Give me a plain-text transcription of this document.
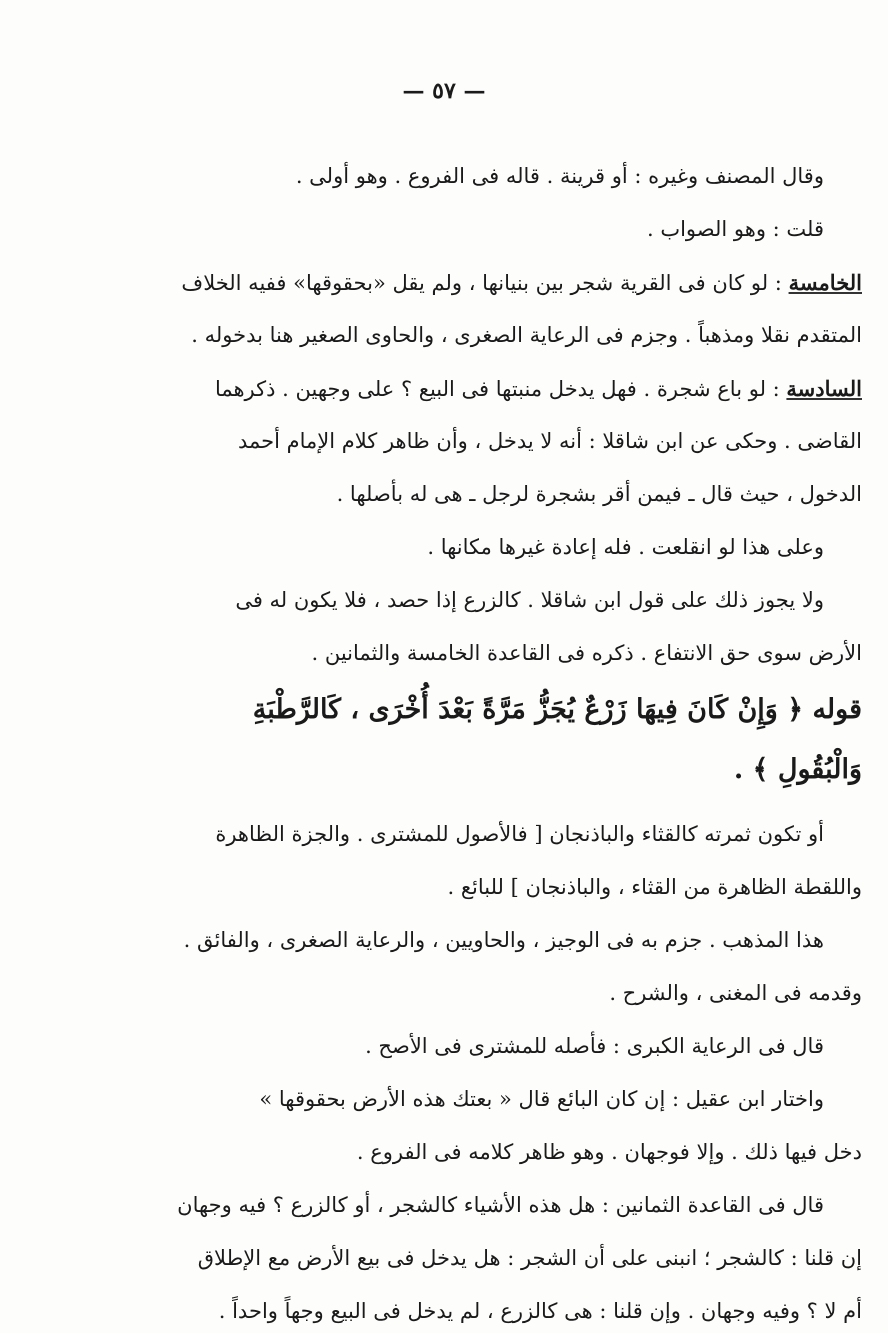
— ٥٧ —
وقال المصنف وغيره : أو قرينة . قاله فى الفروع . وهو أولى .
قلت : وهو الصواب .
الخامسة : لو كان فى القرية شجر بين بنيانها ، ولم يقل «بحقوقها» ففيه الخلاف
المتقدم نقلا ومذهباً . وجزم فى الرعاية الصغرى ، والحاوى الصغير هنا بدخوله .
السادسة : لو باع شجرة . فهل يدخل منبتها فى البيع ؟ على وجهين . ذكرهما
القاضى . وحكى عن ابن شاقلا : أنه لا يدخل ، وأن ظاهر كلام الإمام أحمد
الدخول ، حيث قال ـ فيمن أقر بشجرة لرجل ـ هى له بأصلها .
وعلى هذا لو انقلعت . فله إعادة غيرها مكانها .
ولا يجوز ذلك على قول ابن شاقلا . كالزرع إذا حصد ، فلا يكون له فى
الأرض سوى حق الانتفاع . ذكره فى القاعدة الخامسة والثمانين .
قوله ﴿ وَإِنْ كَانَ فِيهَا زَرْعٌ يُجَزُّ مَرَّةً بَعْدَ أُخْرَى ، كَالرَّطْبَةِ
وَالْبُقُولِ ﴾ .
أو تكون ثمرته كالقثاء والباذنجان [ فالأصول للمشترى . والجزة الظاهرة
واللقطة الظاهرة من القثاء ، والباذنجان ] للبائع .
هذا المذهب . جزم به فى الوجيز ، والحاويين ، والرعاية الصغرى ، والفائق .
وقدمه فى المغنى ، والشرح .
قال فى الرعاية الكبرى : فأصله للمشترى فى الأصح .
واختار ابن عقيل : إن كان البائع قال « بعتك هذه الأرض بحقوقها »
دخل فيها ذلك . وإلا فوجهان . وهو ظاهر كلامه فى الفروع .
قال فى القاعدة الثمانين : هل هذه الأشياء كالشجر ، أو كالزرع ؟ فيه وجهان
إن قلنا : كالشجر ؛ انبنى على أن الشجر : هل يدخل فى بيع الأرض مع الإطلاق
أم لا ؟ وفيه وجهان . وإن قلنا : هى كالزرع ، لم يدخل فى البيع وجهاً واحداً .
